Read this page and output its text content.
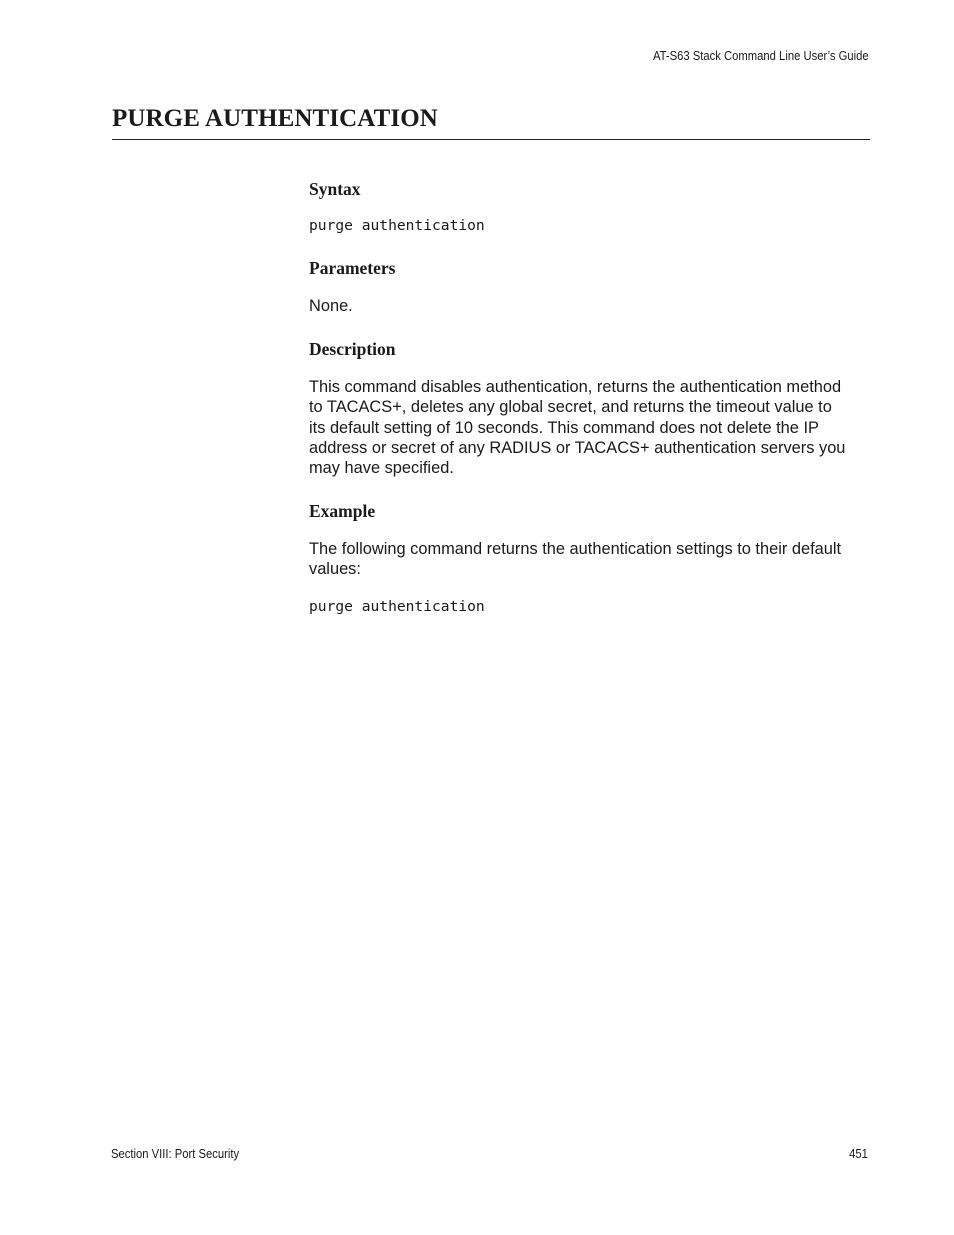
AT-S63 Stack Command Line User’s Guide
PURGE AUTHENTICATION
Syntax
purge authentication
Parameters

None.

Description
This command disables authentication, returns the authentication method
to TACACS+, deletes any global secret, and returns the timeout value to
its default setting of 10 seconds. This command does not delete the IP
address or secret of any RADIUS or TACACS+ authentication servers you
may have specified.
Example
The following command returns the authentication settings to their default
values:
purge authentication
Section VIII: Port Security	451
